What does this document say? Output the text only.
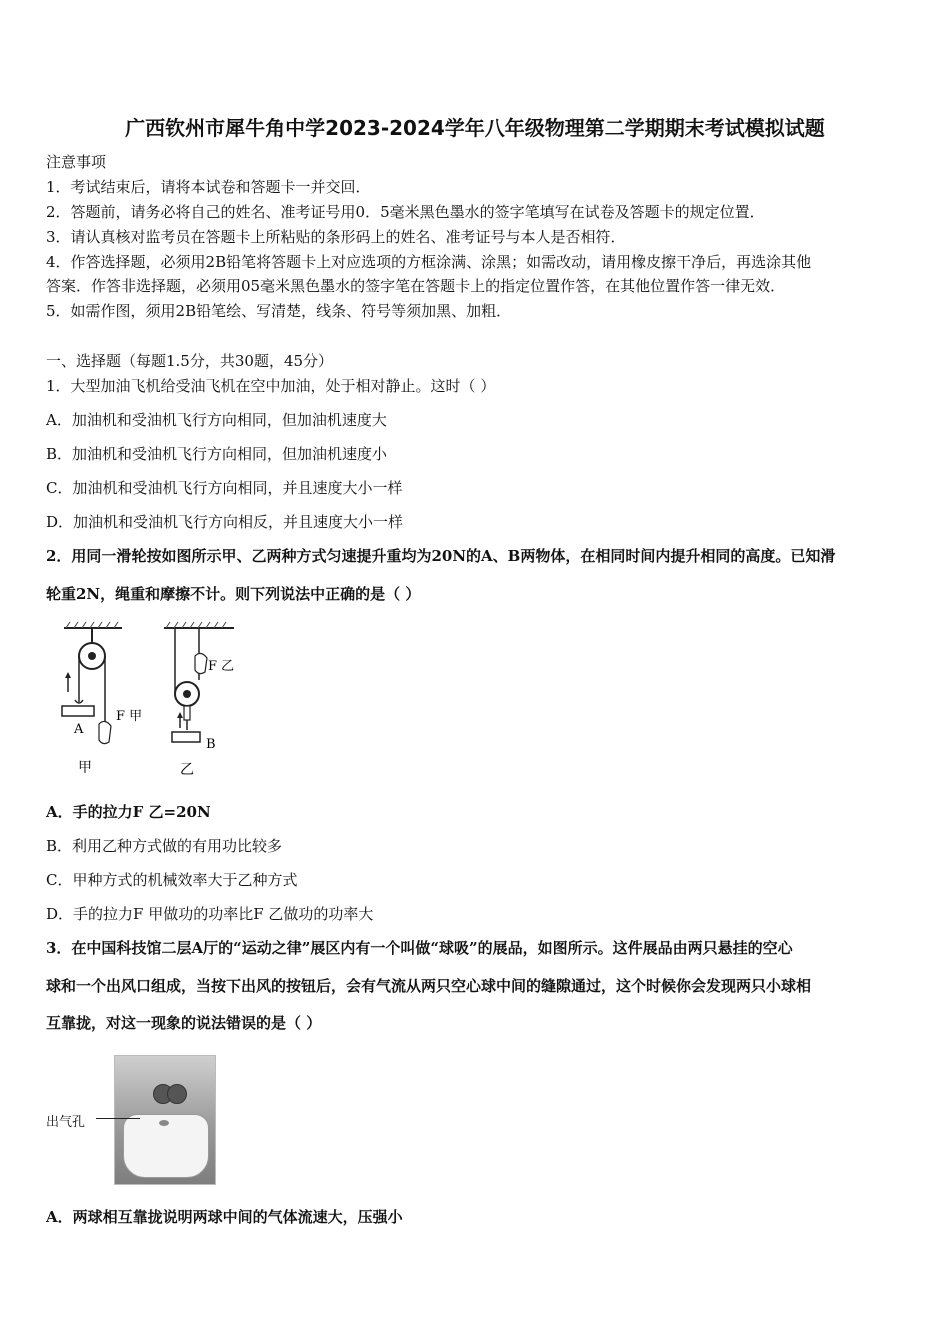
广西钦州市犀牛角中学2023-2024学年八年级物理第二学期期末考试模拟试题
注意事项
1．考试结束后，请将本试卷和答题卡一并交回．
2．答题前，请务必将自己的姓名、准考证号用0．5毫米黑色墨水的签字笔填写在试卷及答题卡的规定位置．
3．请认真核对监考员在答题卡上所粘贴的条形码上的姓名、准考证号与本人是否相符．
4．作答选择题，必须用2B铅笔将答题卡上对应选项的方框涂满、涂黑；如需改动，请用橡皮擦干净后，再选涂其他
答案．作答非选择题，必须用05毫米黑色墨水的签字笔在答题卡上的指定位置作答，在其他位置作答一律无效．
5．如需作图，须用2B铅笔绘、写清楚，线条、符号等须加黑、加粗．
一、选择题（每题1.5分，共30题，45分）
1．大型加油飞机给受油飞机在空中加油，处于相对静止。这时（ ）
A．加油机和受油机飞行方向相同，但加油机速度大
B．加油机和受油机飞行方向相同，但加油机速度小
C．加油机和受油机飞行方向相同，并且速度大小一样
D．加油机和受油机飞行方向相反，并且速度大小一样
2．用同一滑轮按如图所示甲、乙两种方式匀速提升重均为20N的A、B两物体，在相同时间内提升相同的高度。已知滑
轮重2N，绳重和摩擦不计。则下列说法中正确的是（ ）
A
F 甲
甲
F 乙
B
乙
A．手的拉力F 乙=20N
B．利用乙种方式做的有用功比较多
C．甲种方式的机械效率大于乙种方式
D．手的拉力F 甲做功的功率比F 乙做功的功率大
3．在中国科技馆二层A厅的“运动之律”展区内有一个叫做“球吸”的展品，如图所示。这件展品由两只悬挂的空心
球和一个出风口组成，当按下出风的按钮后，会有气流从两只空心球中间的缝隙通过，这个时候你会发现两只小球相
互靠拢，对这一现象的说法错误的是（ ）
出气孔
A．两球相互靠拢说明两球中间的气体流速大，压强小
